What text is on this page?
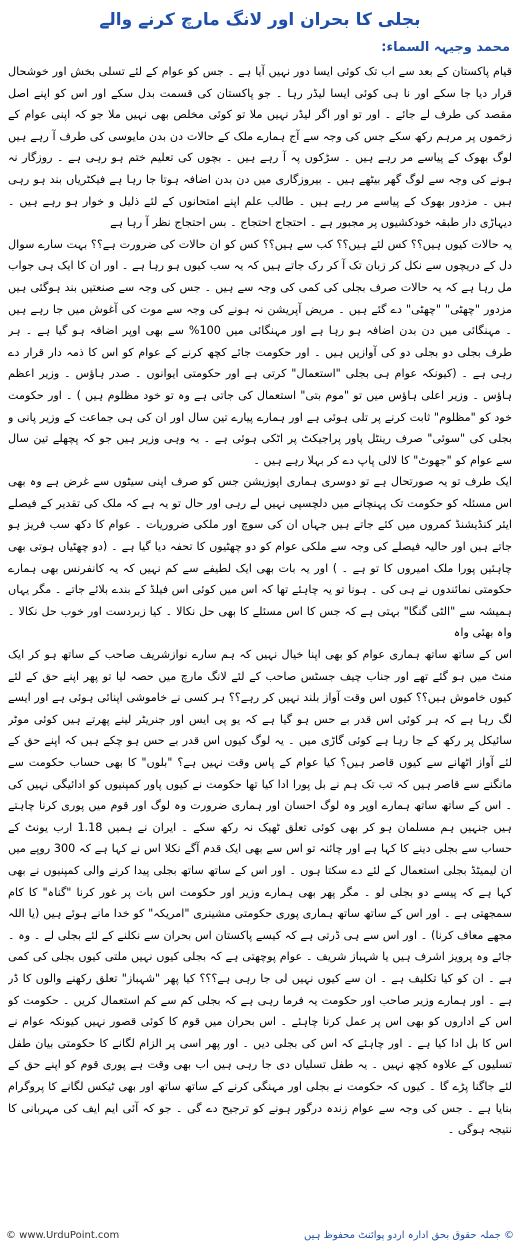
بجلی کا بحران اور لانگ مارچ کرنے والے
محمد وجیہہ السماء:

قیام پاکستان کے بعد سے اب تک کوئی ایسا دور نہیں آیا ہے ۔ جس کو عوام کے لئے تسلی بخش اور خوشحال قرار دیا جا سکے اور نا ہی کوئی ایسا لیڈر رہا ۔ جو پاکستان کی قسمت بدل سکے اور اس کو اپنے اصل مقصد کی طرف لے جائے ۔ اور تو اور اگر لیڈر نہیں ملا تو کوئی مخلص بھی نہیں ملا جو کہ اپنی عوام کے زخموں پر مرہم رکھ سکے جس کی وجہ سے آج ہمارے ملک کے حالات دن بدن مایوسی کی طرف آ رہے ہیں لوگ بھوک کے پیاسے مر رہے ہیں ۔ سڑکوں پہ آ رہے ہیں ۔ بچوں کی تعلیم ختم ہو رہی ہے ۔ روزگار نہ ہونے کی وجہ سے لوگ گھر بیٹھے ہیں ۔ بیروزگاری میں دن بدن اضافہ ہوتا جا رہا ہے فیکٹریاں بند ہو رہی ہیں ۔ مزدور بھوک کے پیاسے مر رہے ہیں ۔ طالب علم اپنے امتحانوں کے لئے ذلیل و خوار ہو رہے ہیں ۔ دیہاڑی دار طبقہ خودکشیوں پر مجبور ہے ۔ احتجاج احتجاج ۔ بس احتجاج نظر آ رہا ہے

یہ حالات کیوں ہیں؟؟ کس لئے ہیں؟؟ کب سے ہیں؟؟ کس کو ان حالات کی ضرورت ہے؟؟ بہت سارے سوال دل کے دریچوں سے نکل کر زبان تک آ کر رک جاتے ہیں کہ یہ سب کیوں ہو رہا ہے ۔ اور ان کا ایک ہی جواب مل رہا ہے کہ یہ حالات صرف بجلی کی کمی کی وجہ سے ہیں ۔ جس کی وجہ سے صنعتیں بند ہوگئی ہیں مزدور "چھٹی" "چھٹی" دے گئے ہیں ۔ مریض آپریشن نہ ہونے کی وجہ سے موت کی آغوش میں جا رہے ہیں ۔ مہنگائی میں دن بدن اضافہ ہو رہا ہے اور مہنگائی میں 100% سے بھی اوپر اضافہ ہو گیا ہے ۔ ہر طرف بجلی دو بجلی دو کی آوازیں ہیں ۔ اور حکومت جائے کچھ کرنے کے عوام کو اس کا ذمہ دار قرار دے رہی ہے ۔ (کیونکہ عوام ہی بجلی "استعمال" کرتی ہے اور حکومتی ایوانوں ۔ صدر ہاؤس ۔ وزیر اعظم ہاؤس ۔ وزیر اعلی ہاؤس میں تو "موم بتی" استعمال کی جاتی ہے وہ تو خود مظلوم ہیں ) ۔ اور حکومت خود کو "مظلوم" ثابت کرنے پر تلی ہوئی ہے اور ہمارے پیارے تین سال اور ان کی ہی جماعت کے وزیر پانی و بجلی کی "سوئی" صرف رینٹل پاور پراجیکٹ پر اٹکی ہوئی ہے ۔ یہ وہی وزیر ہیں جو کہ پچھلے تین سال سے عوام کو "جھوٹ" کا لالی پاپ دے کر بہلا رہے ہیں ۔

ایک طرف تو یہ صورتحال ہے تو دوسری ہماری اپوزیشن جس کو صرف اپنی سیٹوں سے غرض ہے وہ بھی اس مسئلہ کو حکومت تک پہنچانے میں دلچسپی نہیں لے رہی اور حال تو یہ ہے کہ ملک کی تقدیر کے فیصلے ایئر کنڈیشنڈ کمروں میں کئے جاتے ہیں جہاں ان کی سوچ اور ملکی ضروریات ۔ عوام کا دکھ سب فریز ہو جاتے ہیں اور حالیہ فیصلے کی وجہ سے ملکی عوام کو دو چھٹیوں کا تحفہ دیا گیا ہے ۔ (دو چھٹیاں ہوتی بھی چاہئیں پورا ملک امیروں کا تو ہے ۔ ) اور یہ بات بھی ایک لطیفے سے کم نہیں کہ یہ کانفرنس بھی ہمارے حکومتی نمائندوں نے ہی کی ۔ ہونا تو یہ چاہئے تھا کہ اس میں کوئی اس فیلڈ کے بندے بلائے جاتے ۔ مگر یہاں ہمیشہ سے "الٹی گنگا" بہتی ہے کہ جس کا اس مسئلے کا بھی حل نکالا ۔ کیا زبردست اور خوب حل نکالا ۔ واہ بھئی واہ

اس کے ساتھ ساتھ ہماری عوام کو بھی اپنا خیال نہیں کہ ہم سارے نوازشریف صاحب کے ساتھ ہو کر ایک منٹ میں ہو گئے تھے اور جناب چیف جسٹس صاحب کے لئے لانگ مارچ میں حصہ لیا تو پھر اپنے حق کے لئے کیوں خاموش ہیں؟؟ کیوں اس وقت آواز بلند نہیں کر رہے؟؟ ہر کسی نے خاموشی اپنائی ہوئی ہے اور ایسے لگ رہا ہے کہ ہر کوئی اس قدر بے حس ہو گیا ہے کہ یو پی ایس اور جنریٹر لینے پھرتے ہیں کوئی موٹر سائیکل پر رکھ کے جا رہا ہے کوئی گاڑی میں ۔ یہ لوگ کیوں اس قدر بے حس ہو چکے ہیں کہ اپنے حق کے لئے آواز اٹھانے سے کیوں قاصر ہیں؟ کیا عوام کے پاس وقت نہیں ہے؟ "بلوں" کا بھی حساب حکومت سے مانگنے سے قاصر ہیں کہ تب تک ہم نے بل پورا ادا کیا تھا حکومت نے کیوں پاور کمپنیوں کو ادائیگی نہیں کی ۔ اس کے ساتھ ساتھ ہمارے اوپر وہ لوگ احسان اور ہماری ضرورت وہ لوگ اور قوم میں پوری کرنا چاہتے ہیں جنہیں ہم مسلمان ہو کر بھی کوئی تعلق ٹھیک نہ رکھ سکے ۔ ایران نے ہمیں 1.18 ارب یونٹ کے حساب سے بجلی دینے کا کہا ہے اور چائنہ تو اس سے بھی ایک قدم آگے نکلا اس نے کہا ہے کہ 300 روپے میں ان لیمیٹڈ بجلی استعمال کے لئے دے سکتا ہوں ۔ اور اس کے ساتھ ساتھ بجلی پیدا کرنے والی کمپنیوں نے بھی کہا ہے کہ پیسے دو بجلی لو ۔ مگر پھر بھی ہمارے وزیر اور حکومت اس بات پر غور کرنا "گناہ" کا کام سمجھتی ہے ۔ اور اس کے ساتھ ساتھ ہماری پوری حکومتی مشینری "امریکہ" کو خدا مانے ہوئے ہیں (یا اللہ مجھے معاف کرنا) ۔ اور اس سے ہی ڈرتی ہے کہ کیسے پاکستان اس بحران سے نکلنے کے لئے بجلی لے ۔ وہ ۔ جائے وہ پرویز اشرف ہیں یا شہباز شریف ۔ عوام پوچھتی ہے کہ بجلی کیوں نہیں ملتی کیوں بجلی کی کمی ہے ۔ ان کو کیا تکلیف ہے ۔ ان سے کیوں نہیں لی جا رہی ہے؟؟؟ کیا پھر "شہباز" تعلق رکھنے والوں کا ڈر ہے ۔ اور ہمارے وزیر صاحب اور حکومت یہ فرما رہی ہے کہ بجلی کم سے کم استعمال کریں ۔ حکومت کو اس کے اداروں کو بھی اس پر عمل کرنا چاہئے ۔ اس بحران میں قوم کا کوئی قصور نہیں کیونکہ عوام نے اس کا بل ادا کیا ہے ۔ اور چاہئے کہ اس کی بجلی دیں ۔ اور پھر اسی پر الزام لگانے کا حکومتی بیان طفل تسلیوں کے علاوہ کچھ نہیں ۔ یہ طفل تسلیاں دی جا رہی ہیں اب بھی وقت ہے پوری قوم کو اپنے حق کے لئے جاگنا پڑے گا ۔ کیوں کہ حکومت نے بجلی اور مہنگی کرنے کے ساتھ ساتھ اور بھی ٹیکس لگانے کا پروگرام بنایا ہے ۔ جس کی وجہ سے عوام زندہ درگور ہونے کو ترجیح دے گی ۔ جو کہ آئی ایم ایف کی مہربانی کا نتیجہ ہوگی ۔

© www.UrduPoint.com	© جملہ حقوق بحق ادارہ اردو پوائنٹ محفوظ ہیں
